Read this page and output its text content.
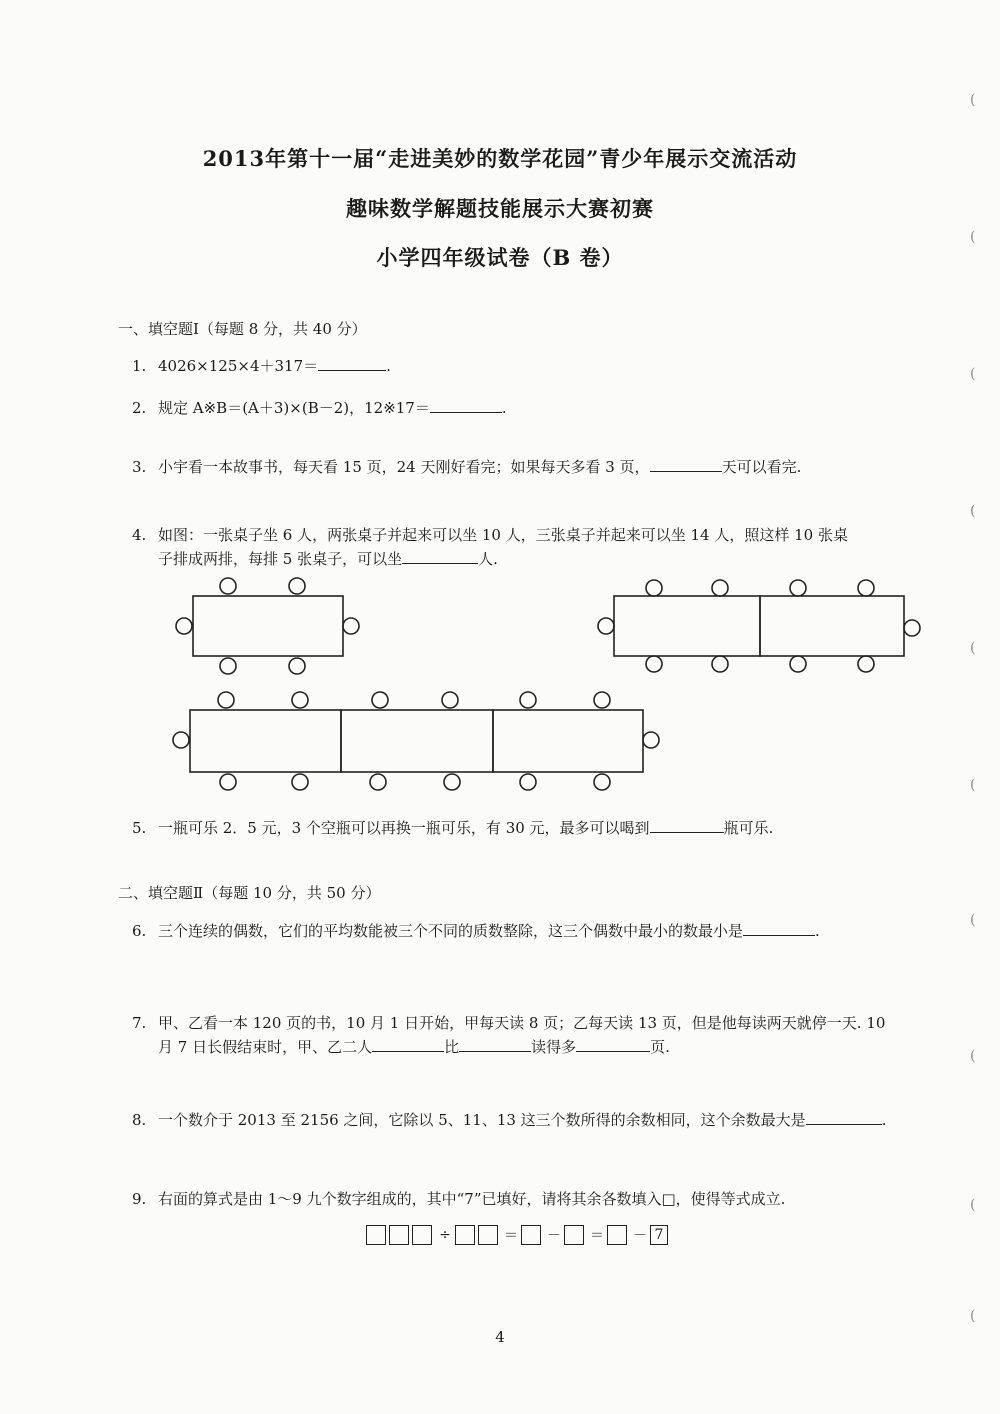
2013年第十一届“走进美妙的数学花园”青少年展示交流活动
趣味数学解题技能展示大赛初赛
小学四年级试卷（B 卷）
一、填空题Ⅰ（每题 8 分，共 40 分）
1. 4026×125×4＋317＝	.
2. 规定 A※B＝(A＋3)×(B－2)，12※17＝	.
3. 小宇看一本故事书，每天看 15 页，24 天刚好看完；如果每天多看 3 页，	天可以看完.
4. 如图：一张桌子坐 6 人，两张桌子并起来可以坐 10 人，三张桌子并起来可以坐 14 人，照这样 10 张桌
子排成两排，每排 5 张桌子，可以坐	人.
5. 一瓶可乐 2．5 元，3 个空瓶可以再换一瓶可乐，有 30 元，最多可以喝到	瓶可乐.
二、填空题Ⅱ（每题 10 分，共 50 分）
6. 三个连续的偶数，它们的平均数能被三个不同的质数整除，这三个偶数中最小的数最小是	.
7. 甲、乙看一本 120 页的书，10 月 1 日开始，甲每天读 8 页；乙每天读 13 页，但是他每读两天就停一天. 10
月 7 日长假结束时，甲、乙二人	比	读得多	页.
8. 一个数介于 2013 至 2156 之间，它除以 5、11、13 这三个数所得的余数相同，这个余数最大是	.
9. 右面的算式是由 1～9 九个数字组成的，其中“7”已填好，请将其余各数填入□，使得等式成立.
÷	＝ － ＝ － 7
4
(
(
(
(
(
(
(
(
(
(
